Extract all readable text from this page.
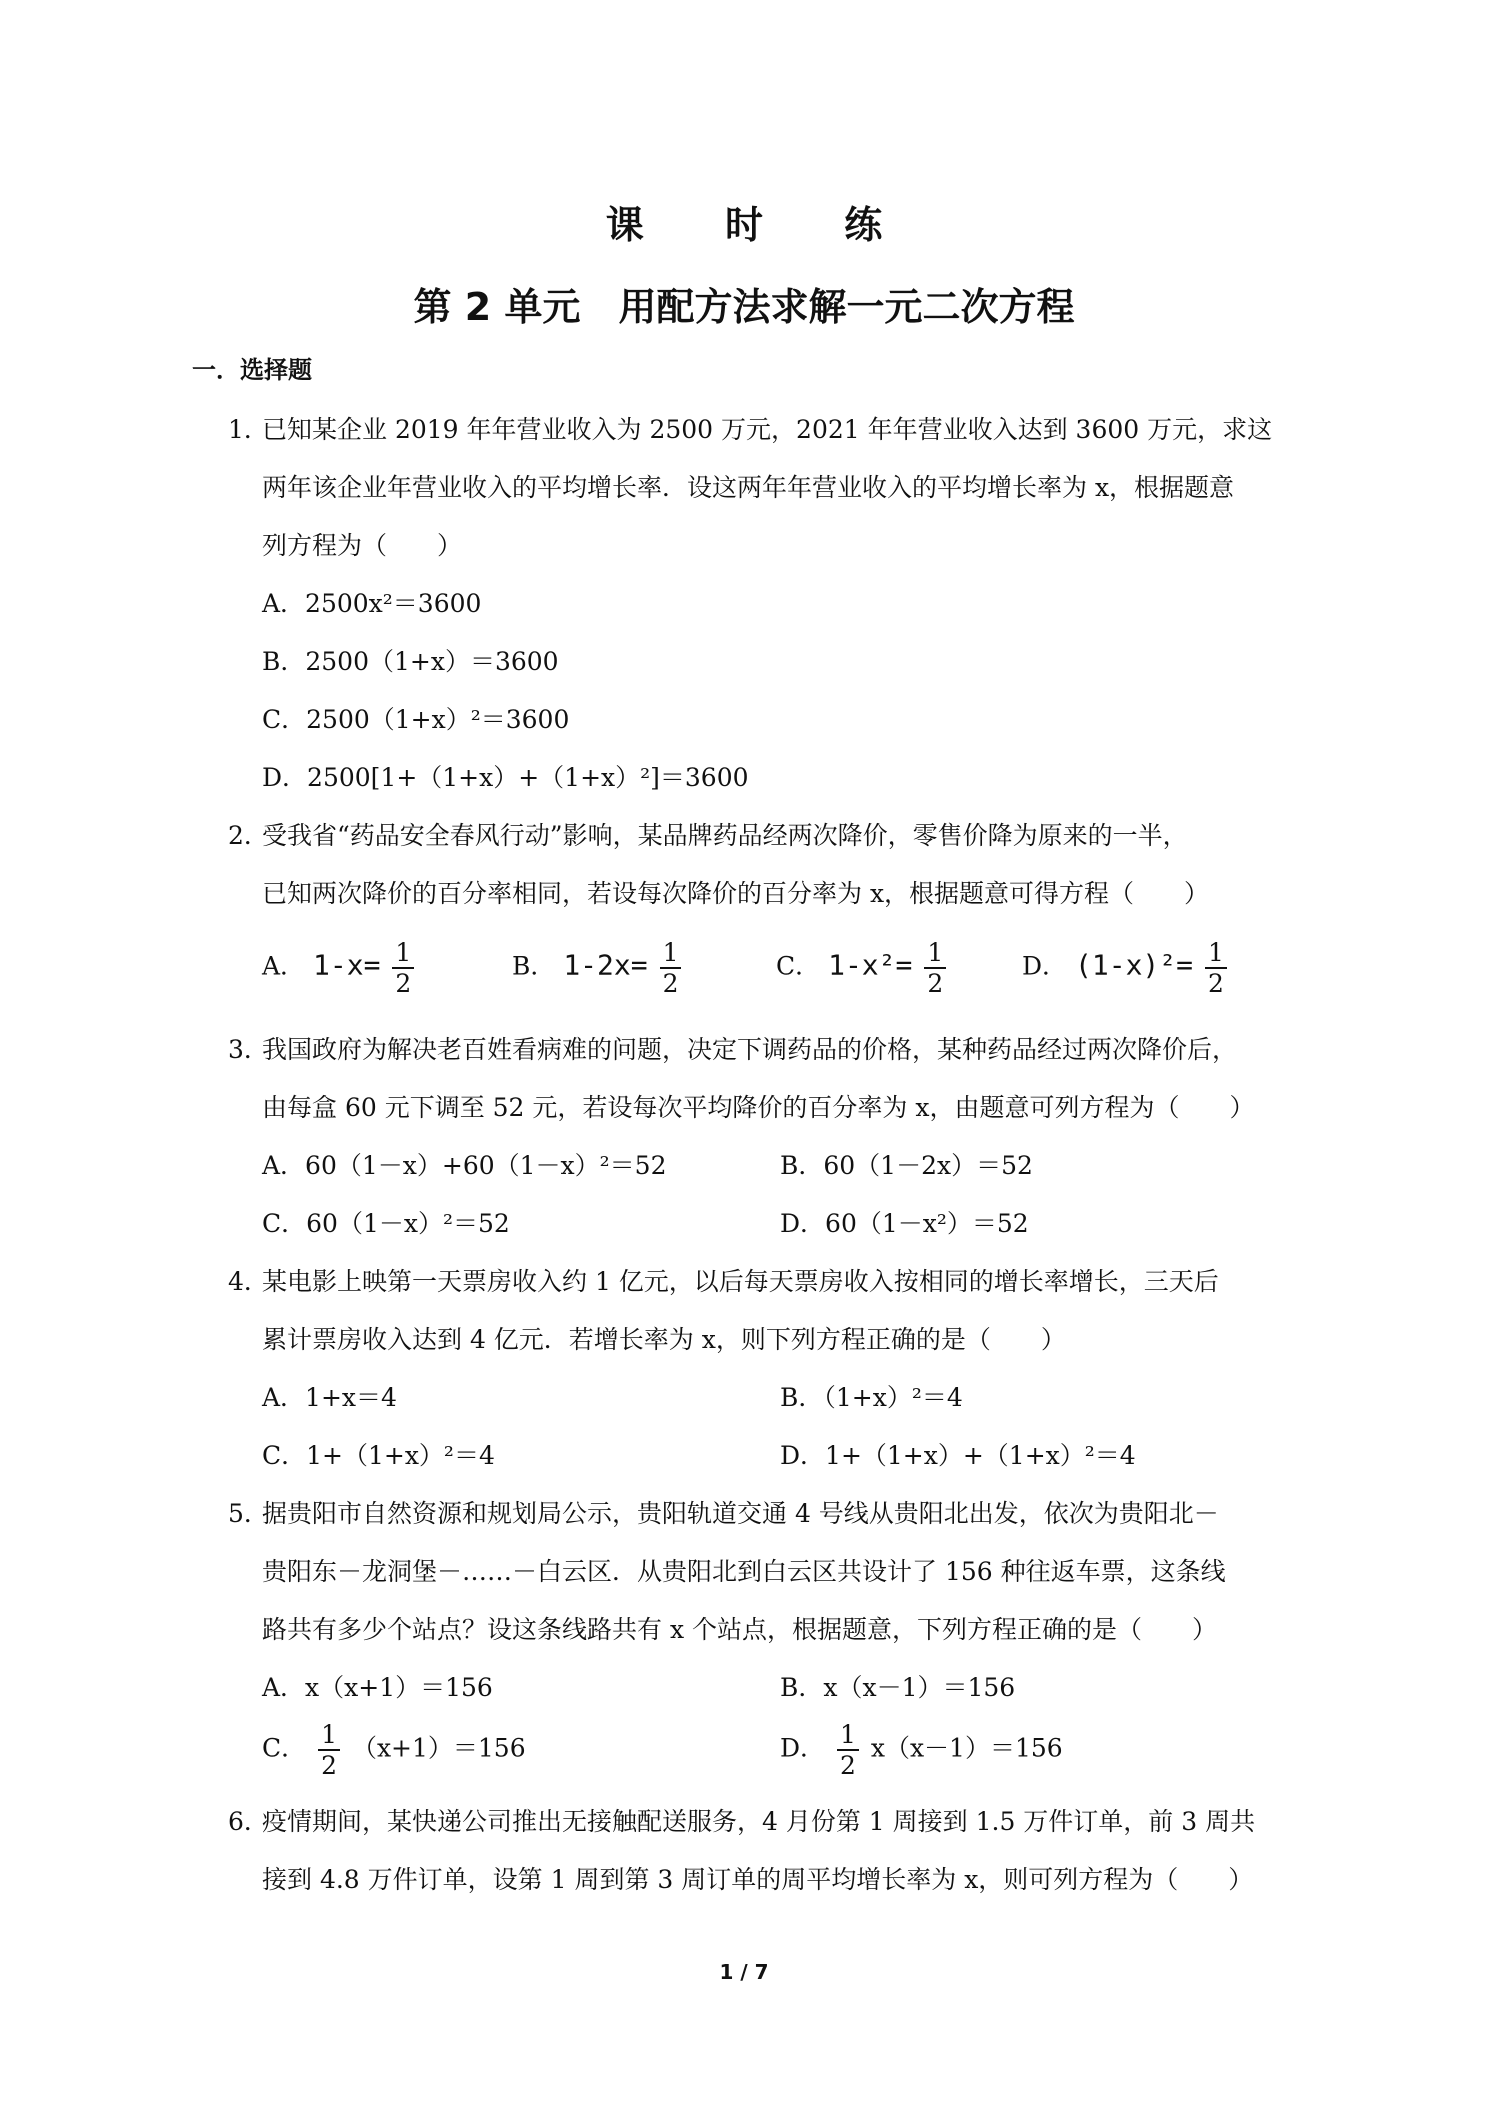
课 时 练
第 2 单元　用配方法求解一元二次方程
一．选择题
1．
已知某企业 2019 年年营业收入为 2500 万元，2021 年年营业收入达到 3600 万元，求这
两年该企业年营业收入的平均增长率．设这两年年营业收入的平均增长率为 x，根据题意
列方程为（　　）
A．2500x²＝3600
B．2500（1+x）＝3600
C．2500（1+x）²＝3600
D．2500[1+（1+x）+（1+x）²]＝3600
2．
受我省“药品安全春风行动”影响，某品牌药品经两次降价，零售价降为原来的一半，
已知两次降价的百分率相同，若设每次降价的百分率为 x，根据题意可得方程（　　）
A． $1-x= \frac{1}{2}$	B． $1-2x= \frac{1}{2}$	C． $1-x^2= \frac{1}{2}$	D． $(1-x)^2= \frac{1}{2}$
3．
我国政府为解决老百姓看病难的问题，决定下调药品的价格，某种药品经过两次降价后，
由每盒 60 元下调至 52 元，若设每次平均降价的百分率为 x，由题意可列方程为（　　）
A．60（1－x）+60（1－x）²＝52	B．60（1－2x）＝52
C．60（1－x）²＝52	D．60（1－x²）＝52
4．
某电影上映第一天票房收入约 1 亿元，以后每天票房收入按相同的增长率增长，三天后
累计票房收入达到 4 亿元．若增长率为 x，则下列方程正确的是（　　）
A．1+x＝4	B．（1+x）²＝4
C．1+（1+x）²＝4	D．1+（1+x）+（1+x）²＝4
5．
据贵阳市自然资源和规划局公示，贵阳轨道交通 4 号线从贵阳北出发，依次为贵阳北－
贵阳东－龙洞堡－……－白云区．从贵阳北到白云区共设计了 156 种往返车票，这条线
路共有多少个站点？设这条线路共有 x 个站点，根据题意，下列方程正确的是（　　）
A．x（x+1）＝156	B．x（x－1）＝156
C． $\frac{1}{2} (x+1)=156$	D． $\frac{1}{2} x(x-1)=156$
6．
疫情期间，某快递公司推出无接触配送服务，4 月份第 1 周接到 1.5 万件订单，前 3 周共
接到 4.8 万件订单，设第 1 周到第 3 周订单的周平均增长率为 x，则可列方程为（　　）
1 / 7
